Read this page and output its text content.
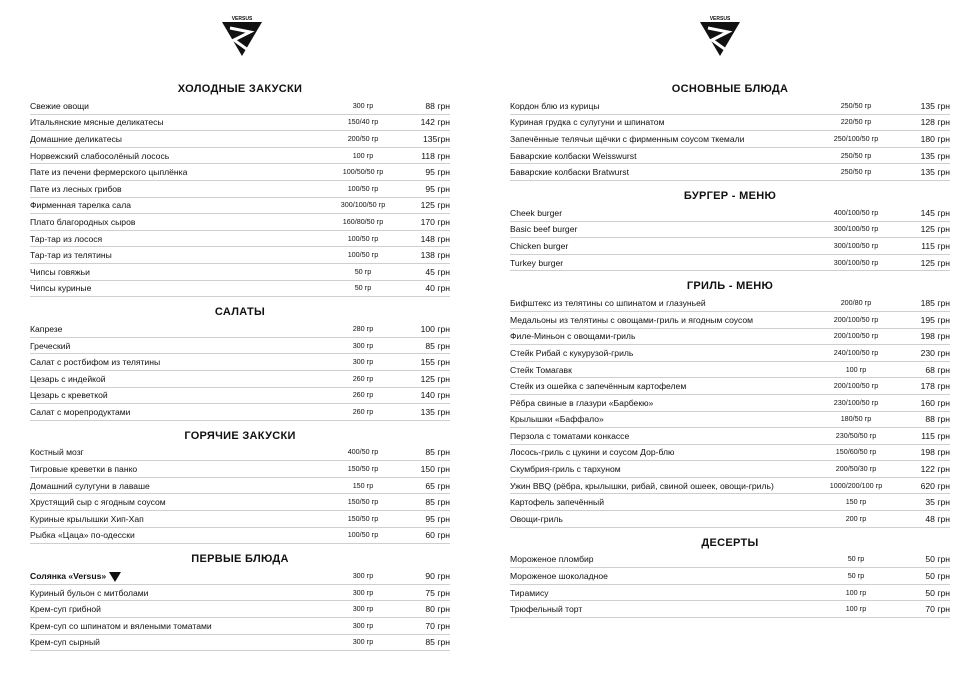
VERSUS
ХОЛОДНЫЕ ЗАКУСКИ
Свежие овощи	300 гр	88 грн
Итальянские мясные деликатесы	150/40 гр	142 грн
Домашние деликатесы	200/50 гр	135грн
Норвежский слабосолёный лосось	100 гр	118 грн
Пате из печени фермерского цыплёнка	100/50/50 гр	95 грн
Пате из лесных грибов	100/50 гр	95 грн
Фирменная тарелка сала	300/100/50 гр	125 грн
Плато благородных сыров	160/80/50 гр	170 грн
Тар-тар из лосося	100/50 гр	148 грн
Тар-тар из телятины	100/50 гр	138 грн
Чипсы говяжьи	50 гр	45 грн
Чипсы куриные	50 гр	40 грн
САЛАТЫ
Капрезе	280 гр	100 грн
Греческий	300 гр	85 грн
Салат с ростбифом из телятины	300 гр	155 грн
Цезарь с индейкой	260 гр	125 грн
Цезарь с креветкой	260 гр	140 грн
Салат с морепродуктами	260 гр	135 грн
ГОРЯЧИЕ ЗАКУСКИ
Костный мозг	400/50 гр	85 грн
Тигровые креветки в панко	150/50 гр	150 грн
Домашний сулугуни в лаваше	150 гр	65 грн
Хрустящий сыр с ягодным соусом	150/50 гр	85 грн
Куриные крылышки Хип-Хап	150/50 гр	95 грн
Рыбка «Цаца» по-одесски	100/50 гр	60 грн
ПЕРВЫЕ БЛЮДА
Солянка «Versus»	300 гр	90 грн
Куриный бульон с митболами	300 гр	75 грн
Крем-суп грибной	300 гр	80 грн
Крем-суп со шпинатом и вялеными томатами	300 гр	70 грн
Крем-суп сырный	300 гр	85 грн
VERSUS
ОСНОВНЫЕ БЛЮДА
Кордон блю из курицы	250/50 гр	135 грн
Куриная грудка с сулугуни и шпинатом	220/50 гр	128 грн
Запечённые телячьи щёчки с фирменным соусом ткемали	250/100/50 гр	180 грн
Баварские колбаски Weisswurst	250/50 гр	135 грн
Баварские колбаски Bratwurst	250/50 гр	135 грн
БУРГЕР - МЕНЮ
Cheek burger	400/100/50 гр	145 грн
Basic beef burger	300/100/50 гр	125 грн
Chicken burger	300/100/50 гр	115 грн
Turkey burger	300/100/50 гр	125 грн
ГРИЛЬ - МЕНЮ
Бифштекс из телятины со шпинатом и глазуньей	200/80 гр	185 грн
Медальоны из телятины с овощами-гриль и ягодным соусом	200/100/50 гр	195 грн
Филе-Миньон с овощами-гриль	200/100/50 гр	198 грн
Стейк Рибай с кукурузой-гриль	240/100/50 гр	230 грн
Стейк Томагавк	100 гр	68 грн
Стейк из ошейка с запечённым картофелем	200/100/50 гр	178 грн
Рёбра свиные в глазури «Барбекю»	230/100/50 гр	160 грн
Крылышки «Баффало»	180/50 гр	88 грн
Перзола с томатами конкассе	230/50/50 гр	115 грн
Лосось-гриль с цукини и соусом Дор-блю	150/60/50 гр	198 грн
Скумбрия-гриль с тархуном	200/50/30 гр	122 грн
Ужин BBQ (рёбра, крылышки, рибай, свиной ошеек, овощи-гриль)	1000/200/100 гр	620 грн
Картофель запечённый	150 гр	35 грн
Овощи-гриль	200 гр	48 грн
ДЕСЕРТЫ
Мороженое пломбир	50 гр	50 грн
Мороженое шоколадное	50 гр	50 грн
Тирамису	100 гр	50 грн
Трюфельный торт	100 гр	70 грн
